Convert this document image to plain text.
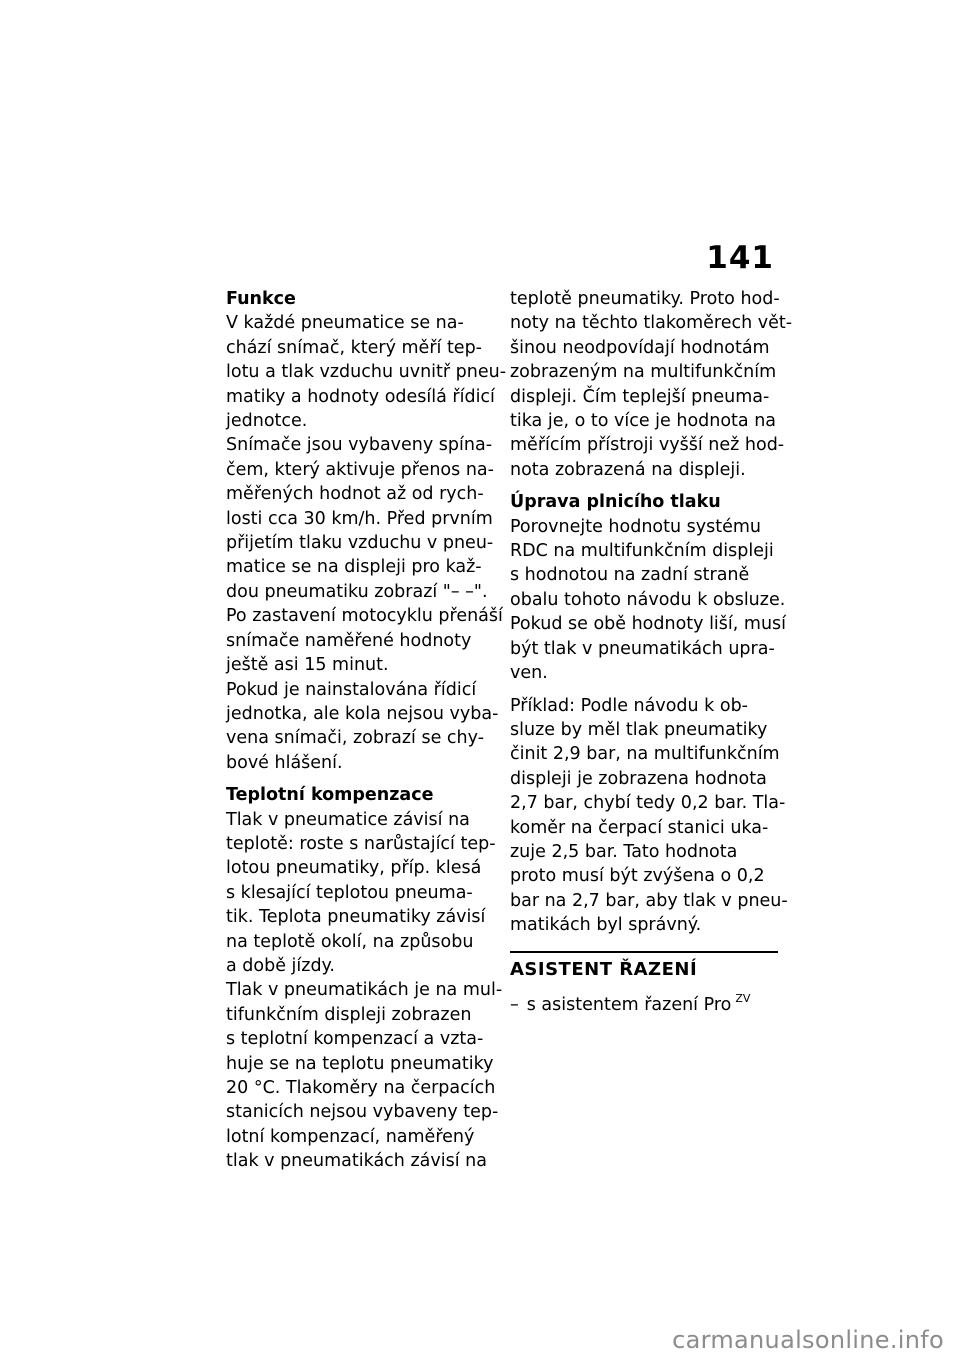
141
Funkce
V každé pneumatice se na-
chází snímač, který měří tep-
lotu a tlak vzduchu uvnitř pneu-
matiky a hodnoty odesílá řídicí
jednotce.
Snímače jsou vybaveny spína-
čem, který aktivuje přenos na-
měřených hodnot až od rych-
losti cca 30 km/h. Před prvním
přijetím tlaku vzduchu v pneu-
matice se na displeji pro kaž-
dou pneumatiku zobrazí "– –".
Po zastavení motocyklu přenáší
snímače naměřené hodnoty
ještě asi 15 minut.
Pokud je nainstalována řídicí
jednotka, ale kola nejsou vyba-
vena snímači, zobrazí se chy-
bové hlášení.
Teplotní kompenzace
Tlak v pneumatice závisí na
teplotě: roste s narůstající tep-
lotou pneumatiky, příp. klesá
s klesající teplotou pneuma-
tik. Teplota pneumatiky závisí
na teplotě okolí, na způsobu
a době jízdy.
Tlak v pneumatikách je na mul-
tifunkčním displeji zobrazen
s teplotní kompenzací a vzta-
huje se na teplotu pneumatiky
20 °C. Tlakoměry na čerpacích
stanicích nejsou vybaveny tep-
lotní kompenzací, naměřený
tlak v pneumatikách závisí na
teplotě pneumatiky. Proto hod-
noty na těchto tlakoměrech vět-
šinou neodpovídají hodnotám
zobrazeným na multifunkčním
displeji. Čím teplejší pneuma-
tika je, o to více je hodnota na
měřícím přístroji vyšší než hod-
nota zobrazená na displeji.
Úprava plnicího tlaku
Porovnejte hodnotu systému
RDC na multifunkčním displeji
s hodnotou na zadní straně
obalu tohoto návodu k obsluze.
Pokud se obě hodnoty liší, musí
být tlak v pneumatikách upra-
ven.
Příklad: Podle návodu k ob-
sluze by měl tlak pneumatiky
činit 2,9 bar, na multifunkčním
displeji je zobrazena hodnota
2,7 bar, chybí tedy 0,2 bar. Tla-
koměr na čerpací stanici uka-
zuje 2,5 bar. Tato hodnota
proto musí být zvýšena o 0,2
bar na 2,7 bar, aby tlak v pneu-
matikách byl správný.
ASISTENT ŘAZENÍ
– s asistentem řazení Pro $^{ZV}$
carmanualsonline.info
